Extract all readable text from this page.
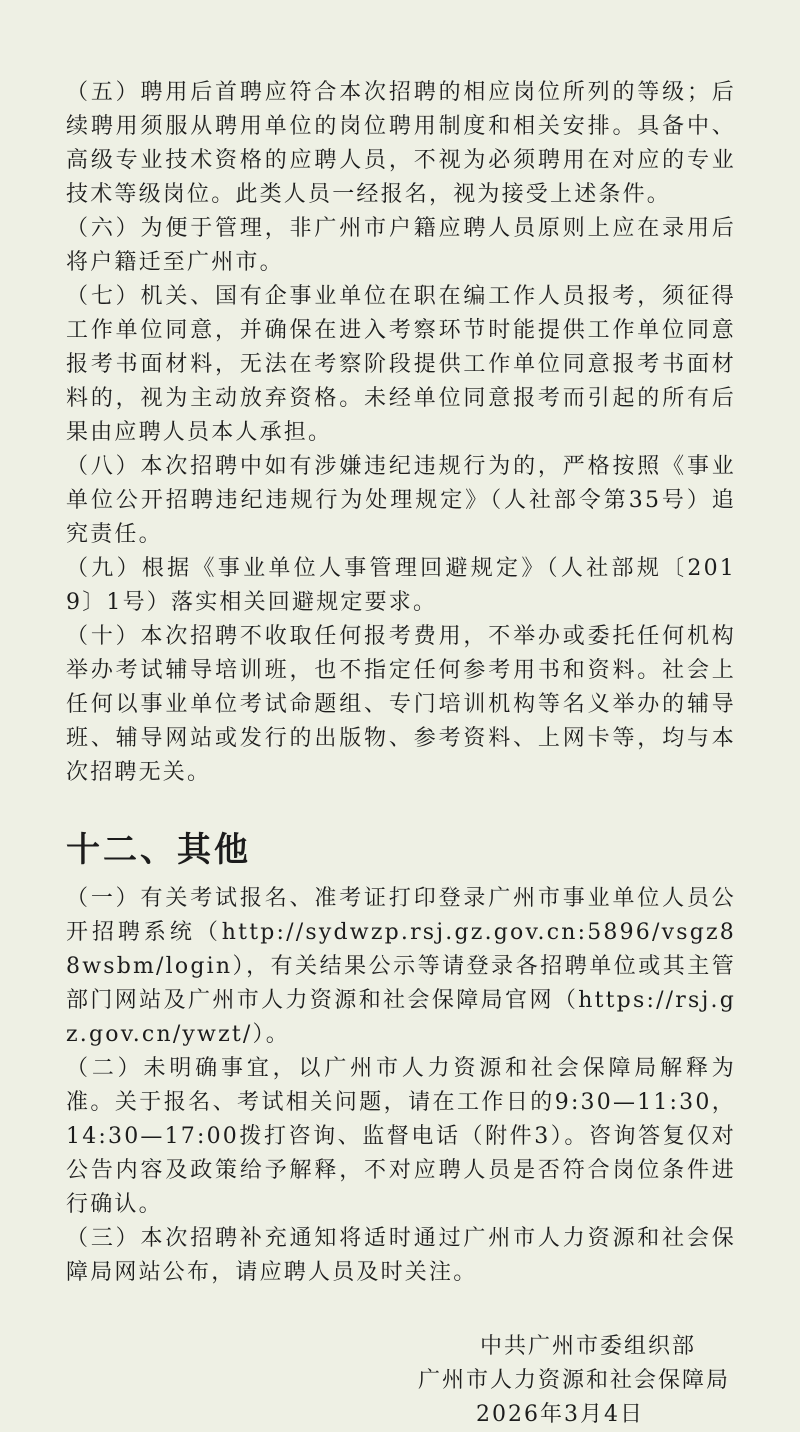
（五）聘用后首聘应符合本次招聘的相应岗位所列的等级；后续聘用须服从聘用单位的岗位聘用制度和相关安排。具备中、高级专业技术资格的应聘人员，不视为必须聘用在对应的专业技术等级岗位。此类人员一经报名，视为接受上述条件。

（六）为便于管理，非广州市户籍应聘人员原则上应在录用后将户籍迁至广州市。

（七）机关、国有企事业单位在职在编工作人员报考，须征得工作单位同意，并确保在进入考察环节时能提供工作单位同意报考书面材料，无法在考察阶段提供工作单位同意报考书面材料的，视为主动放弃资格。未经单位同意报考而引起的所有后果由应聘人员本人承担。

（八）本次招聘中如有涉嫌违纪违规行为的，严格按照《事业单位公开招聘违纪违规行为处理规定》（人社部令第35号）追究责任。

（九）根据《事业单位人事管理回避规定》（人社部规〔2019〕1号）落实相关回避规定要求。

（十）本次招聘不收取任何报考费用，不举办或委托任何机构举办考试辅导培训班，也不指定任何参考用书和资料。社会上任何以事业单位考试命题组、专门培训机构等名义举办的辅导班、辅导网站或发行的出版物、参考资料、上网卡等，均与本次招聘无关。

十二、其他

（一）有关考试报名、准考证打印登录广州市事业单位人员公开招聘系统（http://sydwzp.rsj.gz.gov.cn:5896/vsgz88wsbm/login），有关结果公示等请登录各招聘单位或其主管部门网站及广州市人力资源和社会保障局官网（https://rsj.gz.gov.cn/ywzt/）。

（二）未明确事宜，以广州市人力资源和社会保障局解释为准。关于报名、考试相关问题，请在工作日的9:30—11:30，14:30—17:00拨打咨询、监督电话（附件3）。咨询答复仅对公告内容及政策给予解释，不对应聘人员是否符合岗位条件进行确认。

（三）本次招聘补充通知将适时通过广州市人力资源和社会保障局网站公布，请应聘人员及时关注。

中共广州市委组织部
广州市人力资源和社会保障局
2026年3月4日
